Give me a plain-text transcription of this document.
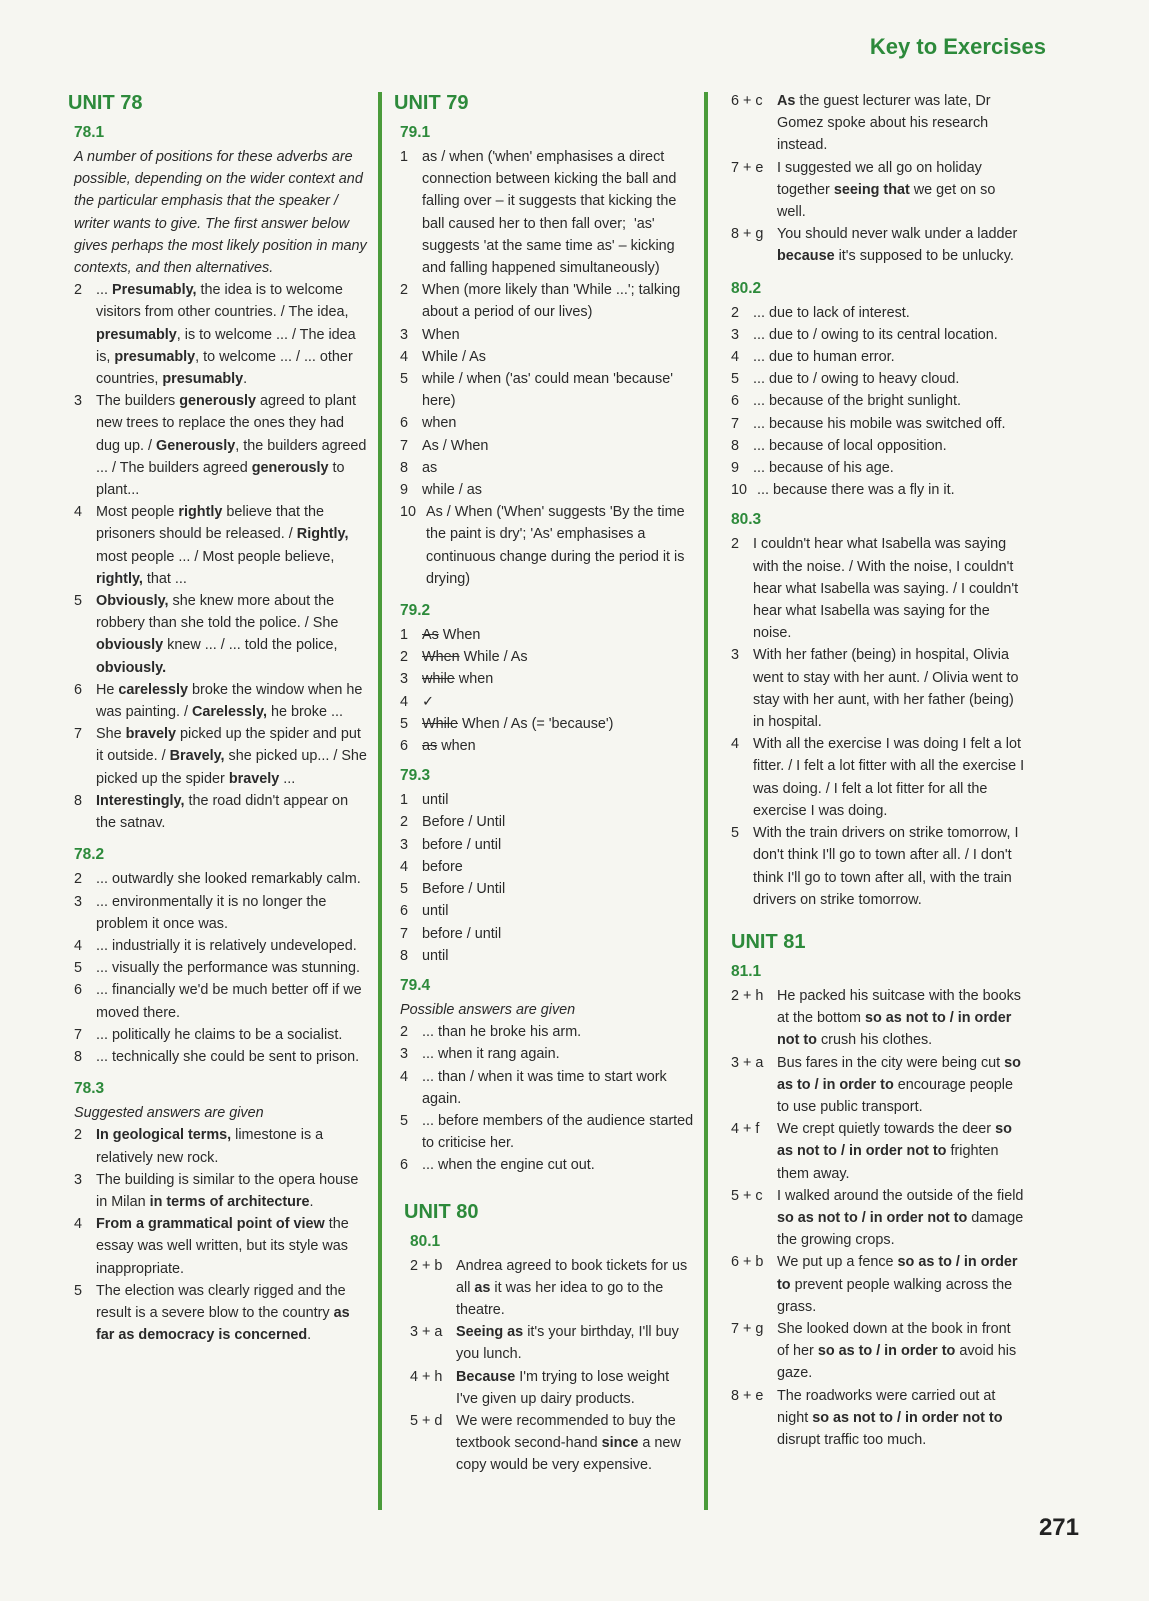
Key to Exercises
UNIT 78
78.1
A number of positions for these adverbs are possible, depending on the wider context and the particular emphasis that the speaker / writer wants to give. The first answer below gives perhaps the most likely position in many contexts, and then alternatives.
2 ... Presumably, the idea is to welcome visitors from other countries. / The idea, presumably, is to welcome ... / The idea is, presumably, to welcome ... / ... other countries, presumably.
3 The builders generously agreed to plant new trees to replace the ones they had dug up. / Generously, the builders agreed ... / The builders agreed generously to plant...
4 Most people rightly believe that the prisoners should be released. / Rightly, most people ... / Most people believe, rightly, that ...
5 Obviously, she knew more about the robbery than she told the police. / She obviously knew ... / ... told the police, obviously.
6 He carelessly broke the window when he was painting. / Carelessly, he broke ...
7 She bravely picked up the spider and put it outside. / Bravely, she picked up... / She picked up the spider bravely ...
8 Interestingly, the road didn't appear on the satnav.
78.2
2 ... outwardly she looked remarkably calm.
3 ... environmentally it is no longer the problem it once was.
4 ... industrially it is relatively undeveloped.
5 ... visually the performance was stunning.
6 ... financially we'd be much better off if we moved there.
7 ... politically he claims to be a socialist.
8 ... technically she could be sent to prison.
78.3
Suggested answers are given
2 In geological terms, limestone is a relatively new rock.
3 The building is similar to the opera house in Milan in terms of architecture.
4 From a grammatical point of view the essay was well written, but its style was inappropriate.
5 The election was clearly rigged and the result is a severe blow to the country as far as democracy is concerned.
UNIT 79
79.1
1 as / when ('when' emphasises a direct connection between kicking the ball and falling over – it suggests that kicking the ball caused her to then fall over;  'as' suggests 'at the same time as' – kicking and falling happened simultaneously)
2 When (more likely than 'While ...'; talking about a period of our lives)
3 When
4 While / As
5 while / when ('as' could mean 'because' here)
6 when
7 As / When
8 as
9 while / as
10 As / When ('When' suggests 'By the time the paint is dry'; 'As' emphasises a continuous change during the period it is drying)
79.2
1 As When
2 When While / As
3 while when
4 ✓
5 While When / As (= 'because')
6 as when
79.3
1 until
2 Before / Until
3 before / until
4 before
5 Before / Until
6 until
7 before / until
8 until
79.4
Possible answers are given
2 ... than he broke his arm.
3 ... when it rang again.
4 ... than / when it was time to start work again.
5 ... before members of the audience started to criticise her.
6 ... when the engine cut out.
UNIT 80
80.1
2 + b Andrea agreed to book tickets for us all as it was her idea to go to the theatre.
3 + a Seeing as it's your birthday, I'll buy you lunch.
4 + h Because I'm trying to lose weight I've given up dairy products.
5 + d We were recommended to buy the textbook second-hand since a new copy would be very expensive.
6 + c As the guest lecturer was late, Dr Gomez spoke about his research instead.
7 + e I suggested we all go on holiday together seeing that we get on so well.
8 + g You should never walk under a ladder because it's supposed to be unlucky.
80.2
2 ... due to lack of interest.
3 ... due to / owing to its central location.
4 ... due to human error.
5 ... due to / owing to heavy cloud.
6 ... because of the bright sunlight.
7 ... because his mobile was switched off.
8 ... because of local opposition.
9 ... because of his age.
10 ... because there was a fly in it.
80.3
2 I couldn't hear what Isabella was saying with the noise. / With the noise, I couldn't hear what Isabella was saying. / I couldn't hear what Isabella was saying for the noise.
3 With her father (being) in hospital, Olivia went to stay with her aunt. / Olivia went to stay with her aunt, with her father (being) in hospital.
4 With all the exercise I was doing I felt a lot fitter. / I felt a lot fitter with all the exercise I was doing. / I felt a lot fitter for all the exercise I was doing.
5 With the train drivers on strike tomorrow, I don't think I'll go to town after all. / I don't think I'll go to town after all, with the train drivers on strike tomorrow.
UNIT 81
81.1
2 + h He packed his suitcase with the books at the bottom so as not to / in order not to crush his clothes.
3 + a Bus fares in the city were being cut so as to / in order to encourage people to use public transport.
4 + f	We crept quietly towards the deer so as not to / in order not to frighten them away.
5 + c I walked around the outside of the field so as not to / in order not to damage the growing crops.
6 + b We put up a fence so as to / in order to prevent people walking across the grass.
7 + g She looked down at the book in front of her so as to / in order to avoid his gaze.
8 + e The roadworks were carried out at night so as not to / in order not to disrupt traffic too much.
271
